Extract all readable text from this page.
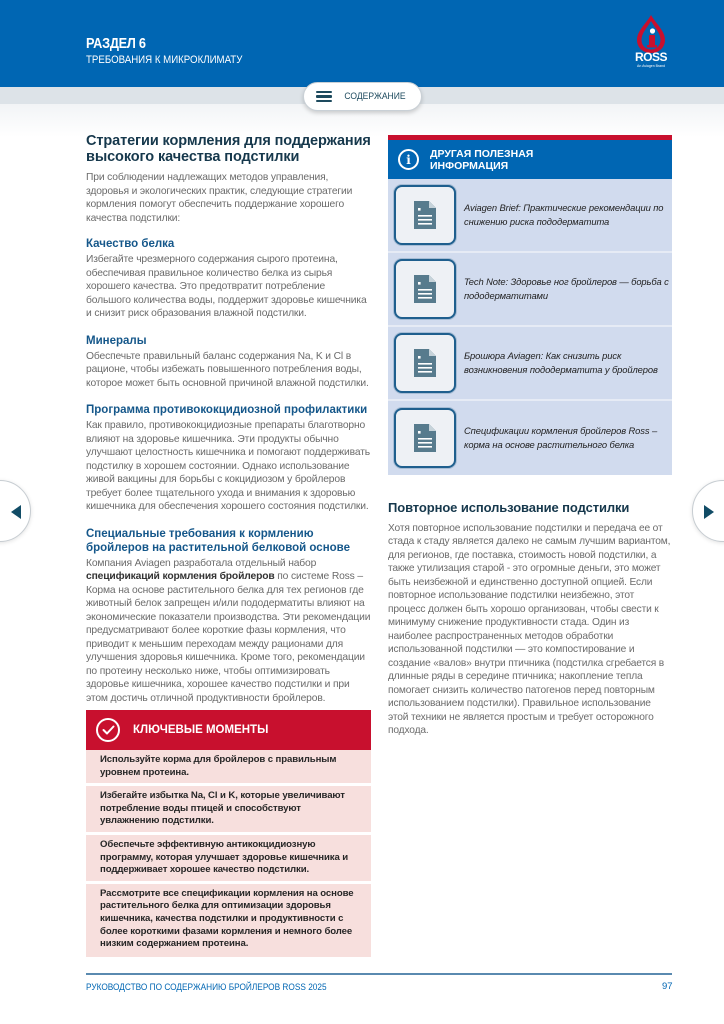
РАЗДЕЛ 6
ТРЕБОВАНИЯ К МИКРОКЛИМАТУ	ROSS
An Aviagen Brand
СОДЕРЖАНИЕ
Стратегии кормления для поддержания высокого качества подстилки
При соблюдении надлежащих методов управления, здоровья и экологических практик, следующие стратегии кормления помогут обеспечить поддержание хорошего качества подстилки:
Качество белка
Избегайте чрезмерного содержания сырого протеина, обеспечивая правильное количество белка из сырья хорошего качества. Это предотвратит потребление большого количества воды, поддержит здоровье кишечника и снизит риск образования влажной подстилки.
Минералы
Обеспечьте правильный баланс содержания Na, K и Cl в рационе, чтобы избежать повышенного потребления воды, которое может быть основной причиной влажной подстилки.
Программа противококцидиозной профилактики
Как правило, противококцидиозные препараты благотворно влияют на здоровье кишечника. Эти продукты обычно улучшают целостность кишечника и помогают поддерживать подстилку в хорошем состоянии. Однако использование живой вакцины для борьбы с кокцидиозом у бройлеров требует более тщательного ухода и внимания к здоровью кишечника для обеспечения хорошего состояния подстилки.
Специальные требования к кормлению бройлеров на растительной белковой основе
Компания Aviagen разработала отдельный набор спецификаций кормления бройлеров по системе Ross – Корма на основе растительного белка для тех регионов где животный белок запрещен и/или пододерматиты влияют на экономические показатели производства. Эти рекомендации предусматривают более короткие фазы кормления, что приводит к меньшим переходам между рационами для улучшения здоровья кишечника. Кроме того, рекомендации по протеину несколько ниже, чтобы оптимизировать здоровье кишечника, хорошее качество подстилки и при этом достичь отличной продуктивности бройлеров.
КЛЮЧЕВЫЕ МОМЕНТЫ
Используйте корма для бройлеров с правильным уровнем протеина.
Избегайте избытка Na, Cl и K, которые увеличивают потребление воды птицей и способствуют увлажнению подстилки.
Обеспечьте эффективную антикокцидиозную программу, которая улучшает здоровье кишечника и поддерживает хорошее качество подстилки.
Рассмотрите все спецификации кормления на основе растительного белка для оптимизации здоровья кишечника, качества подстилки и продуктивности с более короткими фазами кормления и немного более низким содержанием протеина.
i	ДРУГАЯ ПОЛЕЗНАЯ
ИНФОРМАЦИЯ
Aviagen Brief: Практические рекомендации по снижению риска пододерматита
Tech Note: Здоровье ног бройлеров — борьба с пододерматитами
Брошюра Aviagen: Как снизить риск возникновения пододерматита у бройлеров
Спецификации кормления бройлеров Ross – корма на основе растительного белка
Повторное использование подстилки
Хотя повторное использование подстилки и передача ее от стада к стаду является далеко не самым лучшим вариантом, для регионов, где поставка, стоимость новой подстилки, а также утилизация старой - это огромные деньги, это может быть неизбежной и единственно доступной опцией. Если повторное использование подстилки неизбежно, этот процесс должен быть хорошо организован, чтобы свести к минимуму снижение продуктивности стада. Один из наиболее распространенных методов обработки использованной подстилки — это компостирование и создание «валов» внутри птичника (подстилка сгребается в длинные ряды в середине птичника; накопление тепла помогает снизить количество патогенов перед повторным использованием подстилки). Правильное использование этой техники не является простым и требует осторожного подхода.
РУКОВОДСТВО ПО СОДЕРЖАНИЮ БРОЙЛЕРОВ ROSS 2025	97
